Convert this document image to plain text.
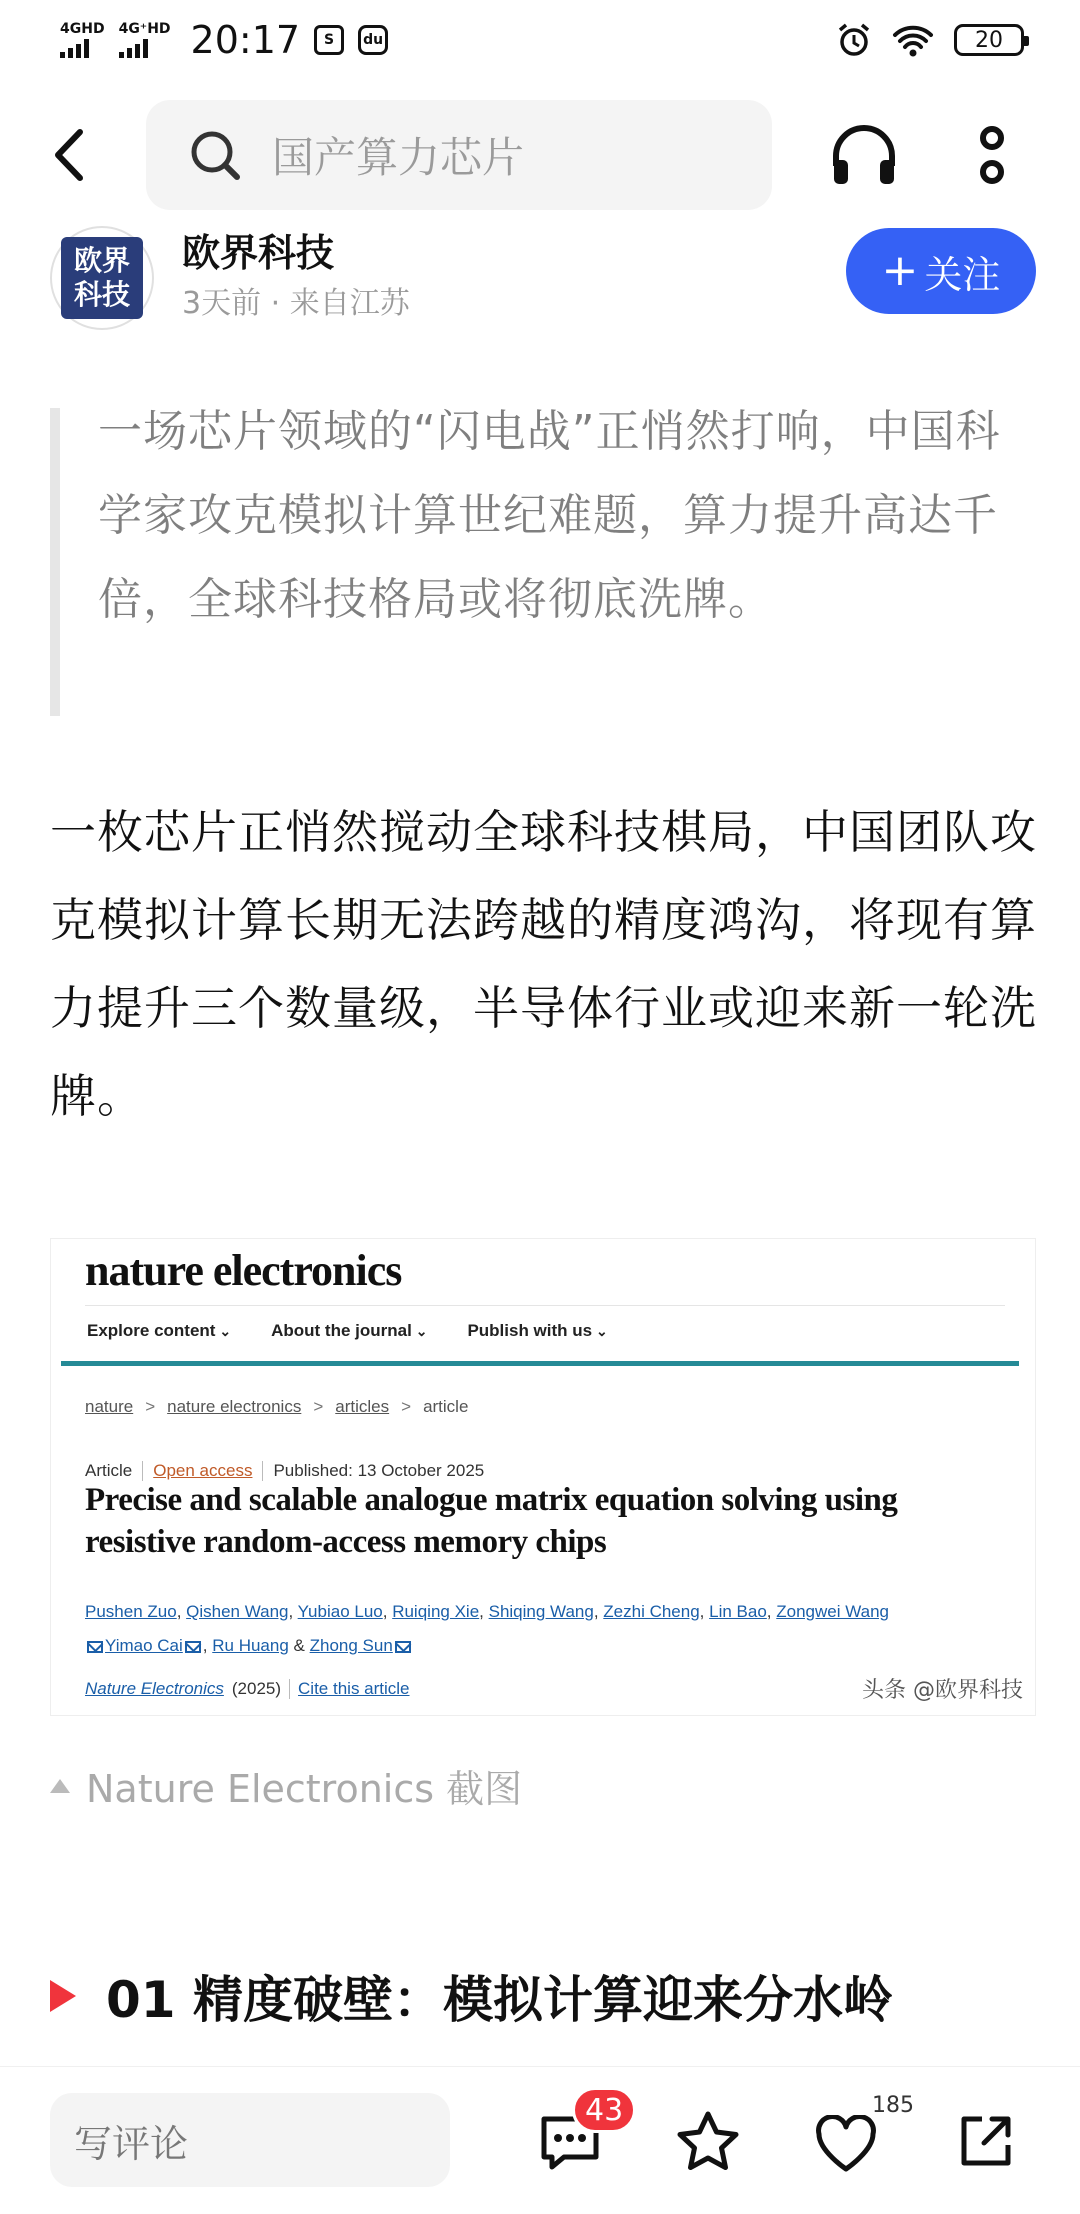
4GHD 4G⁺HD 20:17	S	du	20
国产算力芯片
欧界科技
欧界科技
3天前 · 来自江苏
+ 关注

一场芯片领域的“闪电战”正悄然打响，中国科学家攻克模拟计算世纪难题，算力提升高达千倍，全球科技格局或将彻底洗牌。

一枚芯片正悄然搅动全球科技棋局，中国团队攻克模拟计算长期无法跨越的精度鸿沟，将现有算力提升三个数量级，半导体行业或迎来新一轮洗牌。

nature electronics
Explore content ⌄	About the journal ⌄	Publish with us ⌄
nature > nature electronics > articles > article
Article Open access Published: 13 October 2025
Precise and scalable analogue matrix equation solving using resistive random-access memory chips
Pushen Zuo, Qishen Wang, Yubiao Luo, Ruiqing Xie, Shiqing Wang, Zezhi Cheng, Lin Bao, Zongwei Wang
Yimao Cai , Ru Huang & Zhong Sun
Nature Electronics (2025) Cite this article	头条 @欧界科技
Nature Electronics 截图
01 精度破壁：模拟计算迎来分水岭
写评论
43	185
